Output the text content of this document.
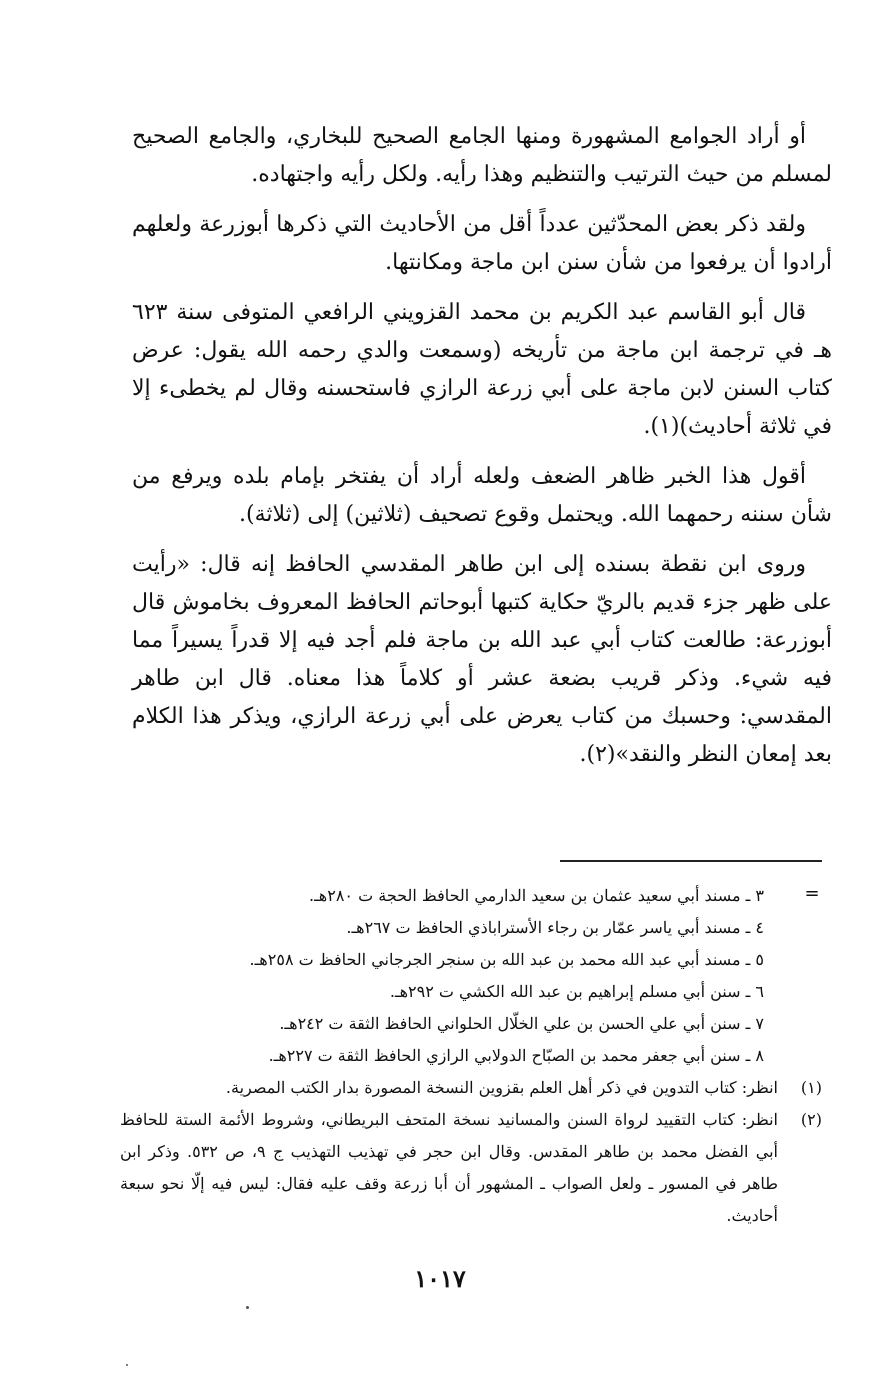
أو أراد الجوامع المشهورة ومنها الجامع الصحيح للبخاري، والجامع الصحيح لمسلم من حيث الترتيب والتنظيم وهذا رأيه. ولكل رأيه واجتهاده.

ولقد ذكر بعض المحدّثين عدداً أقل من الأحاديث التي ذكرها أبوزرعة ولعلهم أرادوا أن يرفعوا من شأن سنن ابن ماجة ومكانتها.

قال أبو القاسم عبد الكريم بن محمد القزويني الرافعي المتوفى سنة ٦٢٣ هـ في ترجمة ابن ماجة من تأريخه (وسمعت والدي رحمه الله يقول: عرض كتاب السنن لابن ماجة على أبي زرعة الرازي فاستحسنه وقال لم يخطىء إلا في ثلاثة أحاديث)(١).

أقول هذا الخبر ظاهر الضعف ولعله أراد أن يفتخر بإمام بلده ويرفع من شأن سننه رحمهما الله. ويحتمل وقوع تصحيف (ثلاثين) إلى (ثلاثة).

وروى ابن نقطة بسنده إلى ابن طاهر المقدسي الحافظ إنه قال: «رأيت على ظهر جزء قديم بالريّ حكاية كتبها أبوحاتم الحافظ المعروف بخاموش قال أبوزرعة: طالعت كتاب أبي عبد الله بن ماجة فلم أجد فيه إلا قدراً يسيراً مما فيه شيء. وذكر قريب بضعة عشر أو كلاماً هذا معناه. قال ابن طاهر المقدسي: وحسبك من كتاب يعرض على أبي زرعة الرازي، ويذكر هذا الكلام بعد إمعان النظر والنقد»(٢).

=
٣ ـ مسند أبي سعيد عثمان بن سعيد الدارمي الحافظ الحجة ت ٢٨٠هـ.
٤ ـ مسند أبي ياسر عمّار بن رجاء الأستراباذي الحافظ ت ٢٦٧هـ.
٥ ـ مسند أبي عبد الله محمد بن عبد الله بن سنجر الجرجاني الحافظ ت ٢٥٨هـ.
٦ ـ سنن أبي مسلم إبراهيم بن عبد الله الكشي ت ٢٩٢هـ.
٧ ـ سنن أبي علي الحسن بن علي الخلّال الحلواني الحافظ الثقة ت ٢٤٢هـ.
٨ ـ سنن أبي جعفر محمد بن الصبّاح الدولابي الرازي الحافظ الثقة ت ٢٢٧هـ.
(١)
انظر: كتاب التدوين في ذكر أهل العلم بقزوين النسخة المصورة بدار الكتب المصرية.
(٢)
انظر: كتاب التقييد لرواة السنن والمسانيد نسخة المتحف البريطاني، وشروط الأئمة الستة للحافظ أبي الفضل محمد بن طاهر المقدس. وقال ابن حجر في تهذيب التهذيب ج ٩، ص ٥٣٢. وذكر ابن طاهر في المسور ـ ولعل الصواب ـ المشهور أن أبا زرعة وقف عليه فقال: ليس فيه إلّا نحو سبعة أحاديث.
١٠١٧
